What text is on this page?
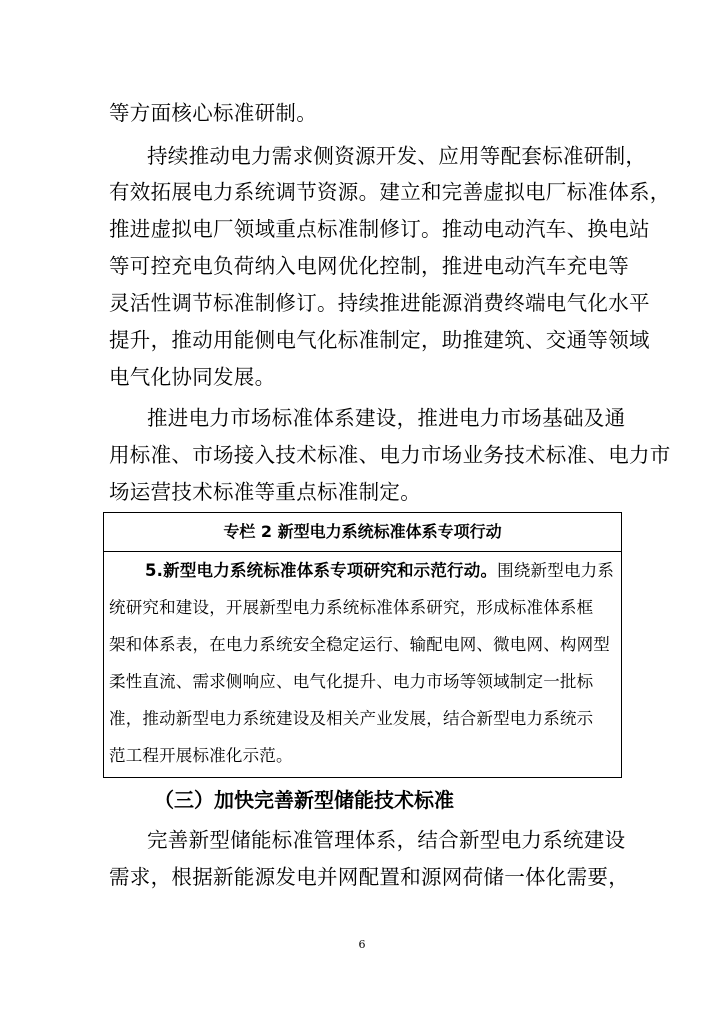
等方面核心标准研制。
持续推动电力需求侧资源开发、应用等配套标准研制，
有效拓展电力系统调节资源。建立和完善虚拟电厂标准体系，
推进虚拟电厂领域重点标准制修订。推动电动汽车、换电站
等可控充电负荷纳入电网优化控制，推进电动汽车充电等
灵活性调节标准制修订。持续推进能源消费终端电气化水平
提升，推动用能侧电气化标准制定，助推建筑、交通等领域
电气化协同发展。
推进电力市场标准体系建设，推进电力市场基础及通
用标准、市场接入技术标准、电力市场业务技术标准、电力市
场运营技术标准等重点标准制定。
专栏 2 新型电力系统标准体系专项行动
5.新型电力系统标准体系专项研究和示范行动。围绕新型电力系
统研究和建设，开展新型电力系统标准体系研究，形成标准体系框
架和体系表，在电力系统安全稳定运行、输配电网、微电网、构网型
柔性直流、需求侧响应、电气化提升、电力市场等领域制定一批标
准，推动新型电力系统建设及相关产业发展，结合新型电力系统示
范工程开展标准化示范。
（三）加快完善新型储能技术标准
完善新型储能标准管理体系，结合新型电力系统建设
需求，根据新能源发电并网配置和源网荷储一体化需要，
6
